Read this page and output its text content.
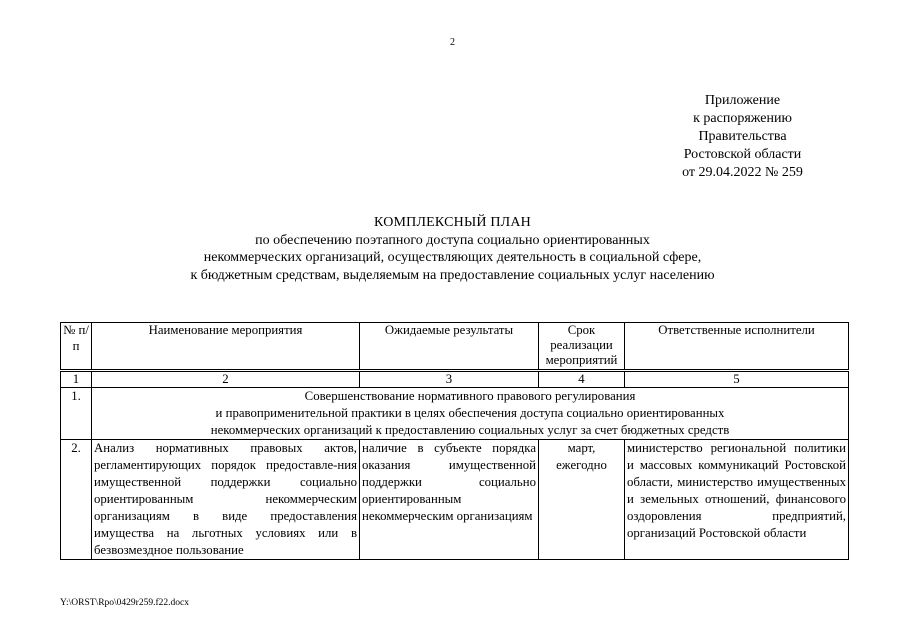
2
Приложение
к распоряжению
Правительства
Ростовской области
от 29.04.2022 № 259
КОМПЛЕКСНЫЙ ПЛАН
по обеспечению поэтапного доступа социально ориентированных
некоммерческих организаций, осуществляющих деятельность в социальной сфере,
к бюджетным средствам, выделяемым на предоставление социальных услуг населению
№ п/п	Наименование мероприятия	Ожидаемые результаты	Срок реализации мероприятий	Ответственные исполнители
1	2	3	4	5
1.	Совершенствование нормативного правового регулирования
и правоприменительной практики в целях обеспечения доступа социально ориентированных
некоммерческих организаций к предоставлению социальных услуг за счет бюджетных средств			

2.	Анализ нормативных правовых актов, регламентирующих порядок предоставле-ния имущественной поддержки социально ориентированным некоммерческим организациям в виде предоставления имущества на льготных условиях или в безвозмездное пользование	наличие в субъекте порядка оказания имущественной поддержки социально ориентированным некоммерческим организациям	март, ежегодно	министерство региональной политики и массовых коммуникаций Ростовской области, министерство имущественных и земельных отношений, финансового оздоровления предприятий, организаций Ростовской области
Y:\ORST\Rpo\0429r259.f22.docx
